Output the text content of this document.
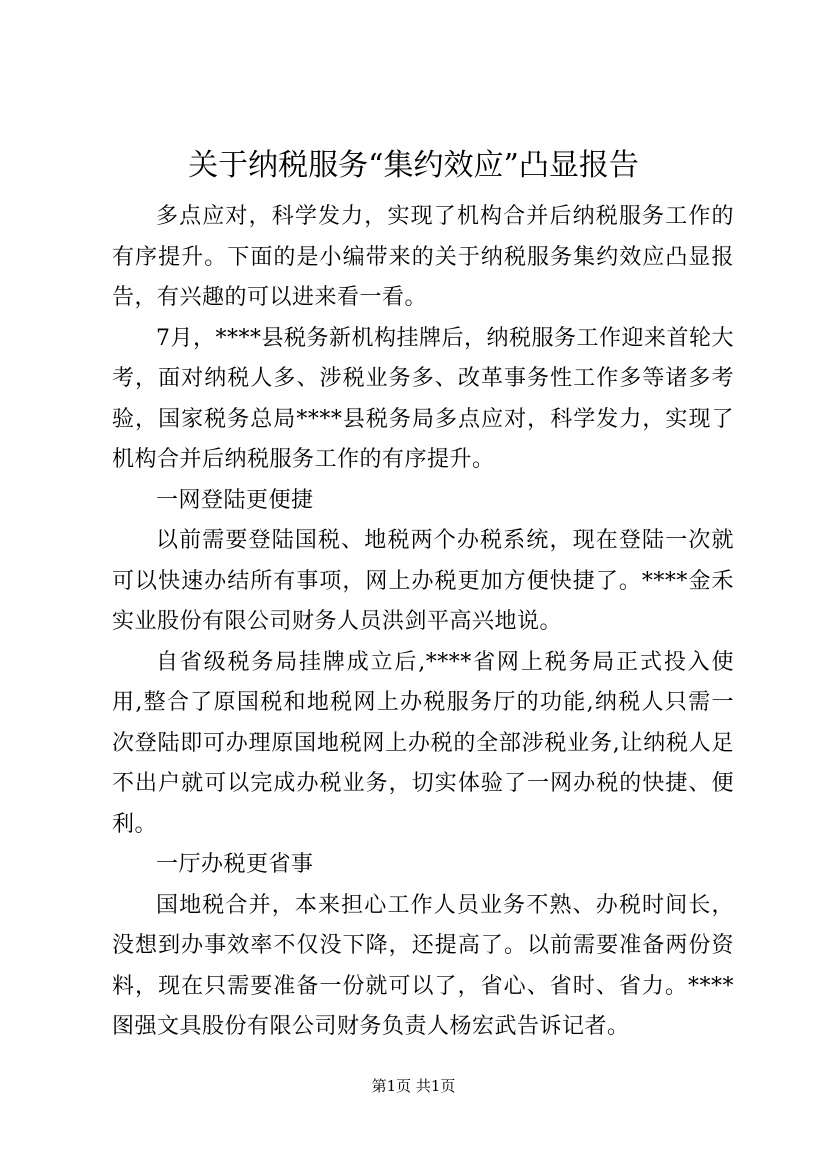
关于纳税服务“集约效应”凸显报告

多点应对，科学发力，实现了机构合并后纳税服务工作的有序提升。下面的是小编带来的关于纳税服务集约效应凸显报告，有兴趣的可以进来看一看。

7月，****县税务新机构挂牌后，纳税服务工作迎来首轮大考，面对纳税人多、涉税业务多、改革事务性工作多等诸多考验，国家税务总局****县税务局多点应对，科学发力，实现了机构合并后纳税服务工作的有序提升。

一网登陆更便捷

以前需要登陆国税、地税两个办税系统，现在登陆一次就可以快速办结所有事项，网上办税更加方便快捷了。****金禾实业股份有限公司财务人员洪剑平高兴地说。

自省级税务局挂牌成立后,****省网上税务局正式投入使用,整合了原国税和地税网上办税服务厅的功能,纳税人只需一次登陆即可办理原国地税网上办税的全部涉税业务,让纳税人足不出户就可以完成办税业务，切实体验了一网办税的快捷、便利。

一厅办税更省事

国地税合并，本来担心工作人员业务不熟、办税时间长，没想到办事效率不仅没下降，还提高了。以前需要准备两份资料，现在只需要准备一份就可以了，省心、省时、省力。****图强文具股份有限公司财务负责人杨宏武告诉记者。

第1页 共1页
